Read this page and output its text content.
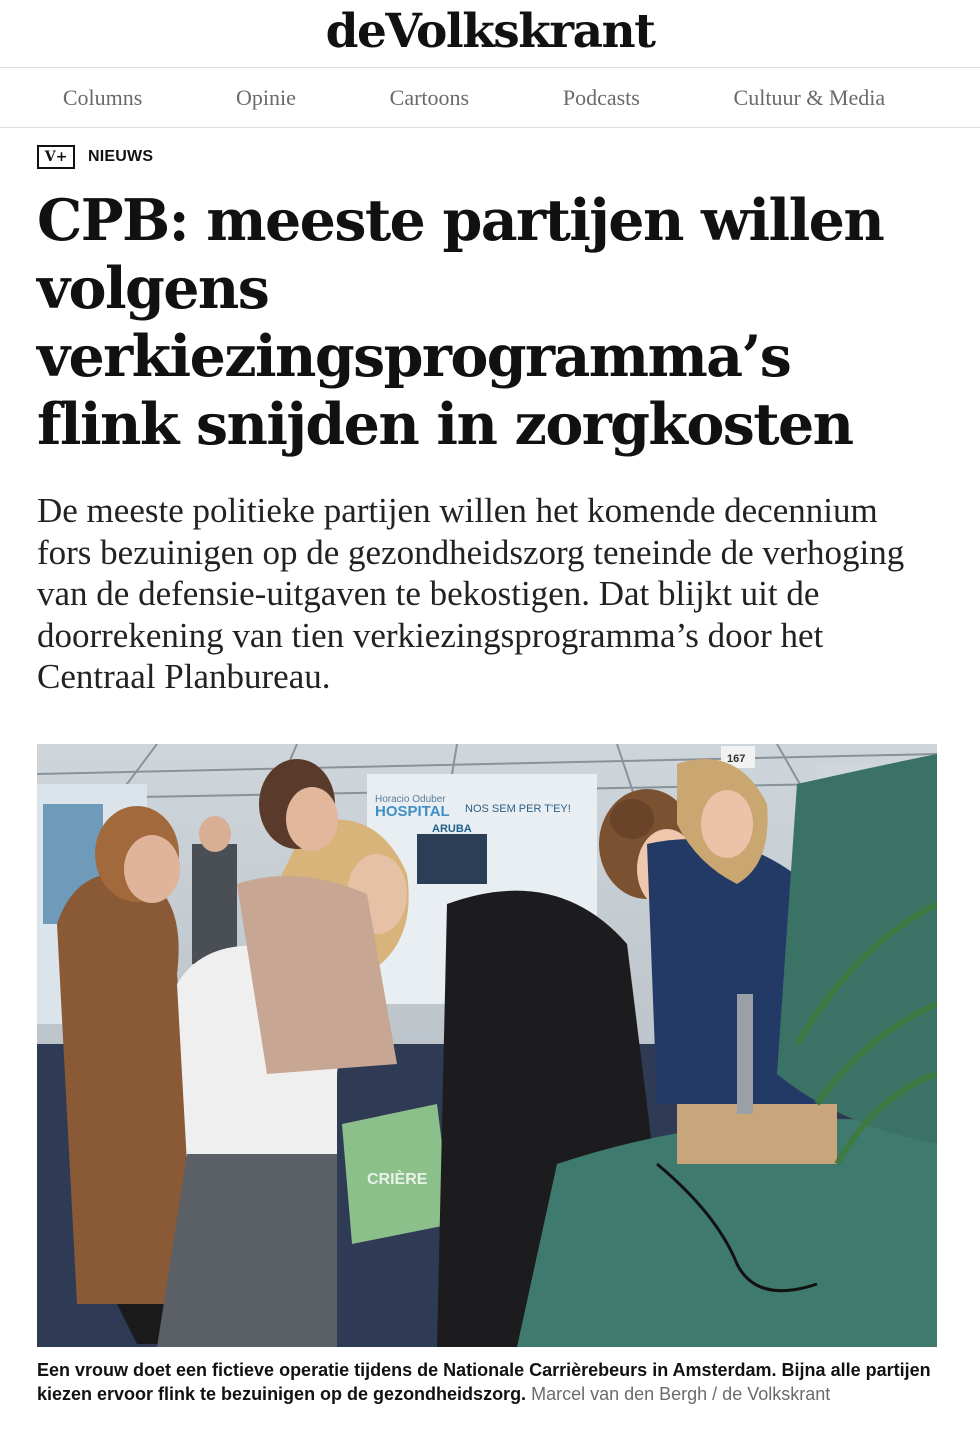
deVolkskrant
Columns	Opinie	Cartoons	Podcasts	Cultuur & Media
V+	NIEUWS
CPB: meeste partijen willen volgens verkiezingsprogramma’s flink snijden in zorgkosten

De meeste politieke partijen willen het komende decennium fors bezuinigen op de gezondheidszorg teneinde de verhoging van de defensie-uitgaven te bekostigen. Dat blijkt uit de doorrekening van tien verkiezingsprogramma’s door het Centraal Planbureau.

Horacio Oduber
HOSPITAL NOS SEM PER T'EY!
ARUBA
167
CRIÈRE
Een vrouw doet een fictieve operatie tijdens de Nationale Carrièrebeurs in Amsterdam. Bijna alle partijen kiezen ervoor flink te bezuinigen op de gezondheidszorg. Marcel van den Bergh / de Volkskrant
